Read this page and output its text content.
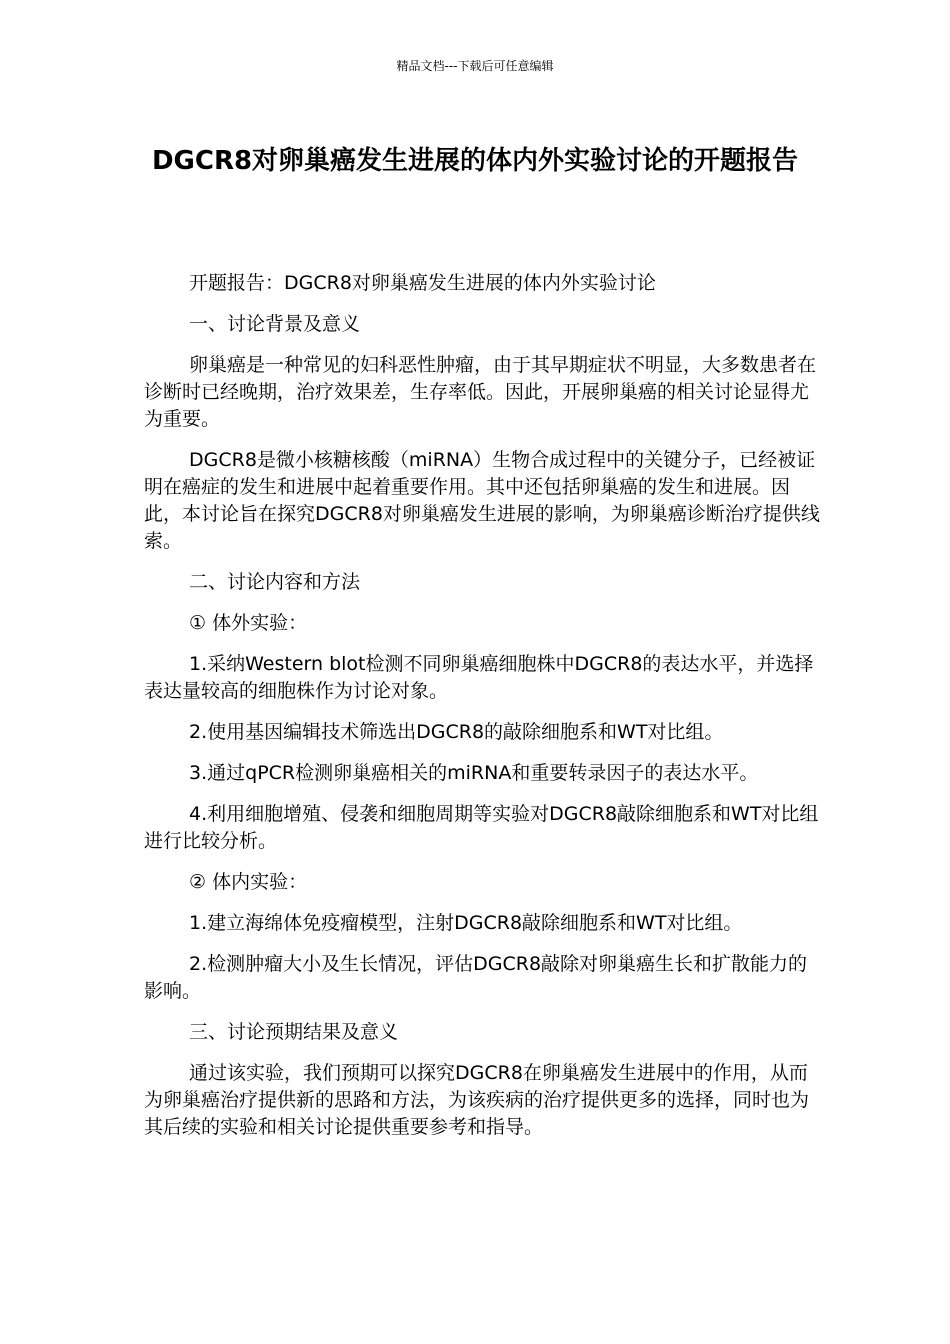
精品文档---下载后可任意编辑
DGCR8对卵巢癌发生进展的体内外实验讨论的开题报告

开题报告：DGCR8对卵巢癌发生进展的体内外实验讨论

一、讨论背景及意义

卵巢癌是一种常见的妇科恶性肿瘤，由于其早期症状不明显，大多数患者在诊断时已经晚期，治疗效果差，生存率低。因此，开展卵巢癌的相关讨论显得尤为重要。

DGCR8是微小核糖核酸（miRNA）生物合成过程中的关键分子，已经被证明在癌症的发生和进展中起着重要作用。其中还包括卵巢癌的发生和进展。因此，本讨论旨在探究DGCR8对卵巢癌发生进展的影响，为卵巢癌诊断治疗提供线索。

二、讨论内容和方法

① 体外实验：

1.采纳Western blot检测不同卵巢癌细胞株中DGCR8的表达水平，并选择表达量较高的细胞株作为讨论对象。

2.使用基因编辑技术筛选出DGCR8的敲除细胞系和WT对比组。

3.通过qPCR检测卵巢癌相关的miRNA和重要转录因子的表达水平。

4.利用细胞增殖、侵袭和细胞周期等实验对DGCR8敲除细胞系和WT对比组进行比较分析。

② 体内实验：

1.建立海绵体免疫瘤模型，注射DGCR8敲除细胞系和WT对比组。

2.检测肿瘤大小及生长情况，评估DGCR8敲除对卵巢癌生长和扩散能力的影响。

三、讨论预期结果及意义

通过该实验，我们预期可以探究DGCR8在卵巢癌发生进展中的作用，从而为卵巢癌治疗提供新的思路和方法，为该疾病的治疗提供更多的选择，同时也为其后续的实验和相关讨论提供重要参考和指导。
